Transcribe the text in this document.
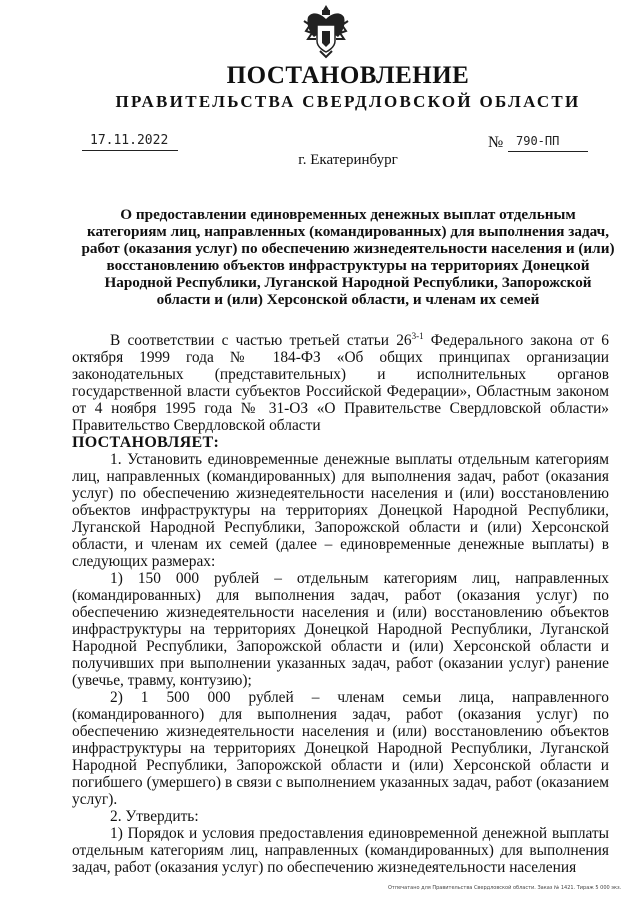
ПОСТАНОВЛЕНИЕ
ПРАВИТЕЛЬСТВА СВЕРДЛОВСКОЙ ОБЛАСТИ
17.11.2022	№ 790-ПП
г. Екатеринбург
О предоставлении единовременных денежных выплат отдельным категориям лиц, направленных (командированных) для выполнения задач, работ (оказания услуг) по обеспечению жизнедеятельности населения и (или) восстановлению объектов инфраструктуры на территориях Донецкой Народной Республики, Луганской Народной Республики, Запорожской области и (или) Херсонской области, и членам их семей

В соответствии с частью третьей статьи 26$^{3-1}$ Федерального закона от 6 октября 1999 года № 184-ФЗ «Об общих принципах организации законодательных (представительных) и исполнительных органов государственной власти субъектов Российской Федерации», Областным законом от 4 ноября 1995 года № 31-ОЗ «О Правительстве Свердловской области» Правительство Свердловской области

ПОСТАНОВЛЯЕТ:

1. Установить единовременные денежные выплаты отдельным категориям лиц, направленных (командированных) для выполнения задач, работ (оказания услуг) по обеспечению жизнедеятельности населения и (или) восстановлению объектов инфраструктуры на территориях Донецкой Народной Республики, Луганской Народной Республики, Запорожской области и (или) Херсонской области, и членам их семей (далее – единовременные денежные выплаты) в следующих размерах:

1) 150 000 рублей – отдельным категориям лиц, направленных (командированных) для выполнения задач, работ (оказания услуг) по обеспечению жизнедеятельности населения и (или) восстановлению объектов инфраструктуры на территориях Донецкой Народной Республики, Луганской Народной Республики, Запорожской области и (или) Херсонской области и получивших при выполнении указанных задач, работ (оказании услуг) ранение (увечье, травму, контузию);

2) 1 500 000 рублей – членам семьи лица, направленного (командированного) для выполнения задач, работ (оказания услуг) по обеспечению жизнедеятельности населения и (или) восстановлению объектов инфраструктуры на территориях Донецкой Народной Республики, Луганской Народной Республики, Запорожской области и (или) Херсонской области и погибшего (умершего) в связи с выполнением указанных задач, работ (оказанием услуг).

2. Утвердить:

1) Порядок и условия предоставления единовременной денежной выплаты отдельным категориям лиц, направленных (командированных) для выполнения задач, работ (оказания услуг) по обеспечению жизнедеятельности населения

Отпечатано для Правительства Свердловской области. Заказ № 1421. Тираж 5 000 экз.
